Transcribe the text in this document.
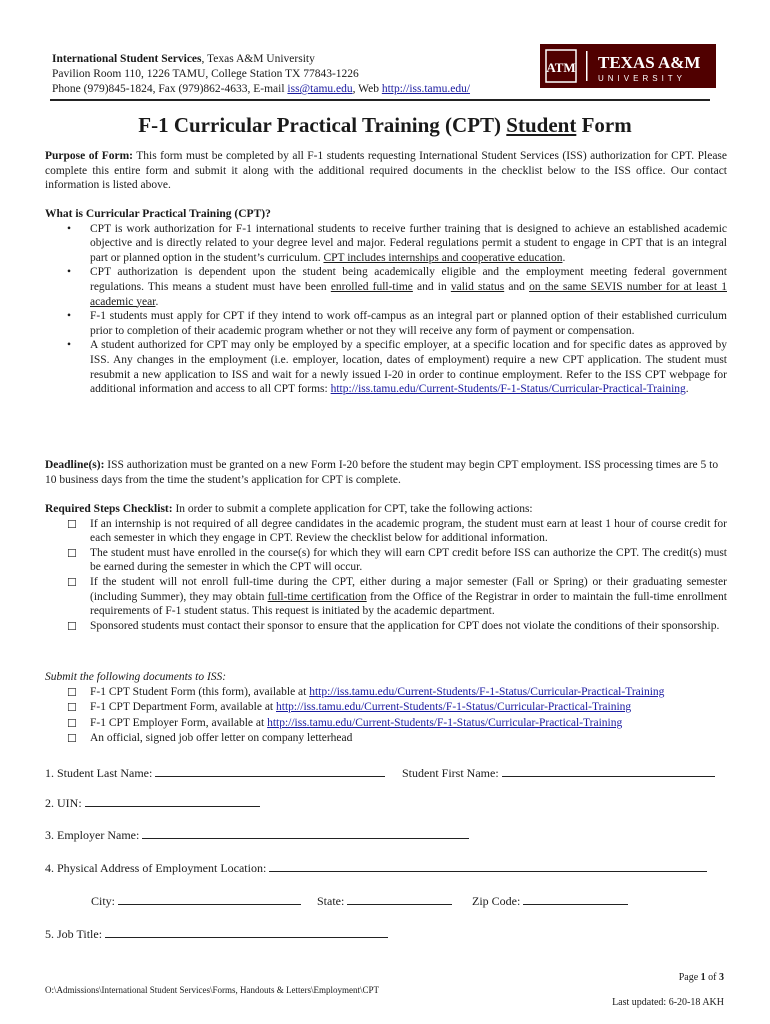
International Student Services, Texas A&M University
Pavilion Room 110, 1226 TAMU, College Station TX 77843-1226
Phone (979)845-1824, Fax (979)862-4633, E-mail iss@tamu.edu, Web http://iss.tamu.edu/
ATM TEXAS A&M
UNIVERSITY
F-1 Curricular Practical Training (CPT) Student Form

Purpose of Form: This form must be completed by all F-1 students requesting International Student Services (ISS) authorization for CPT. Please complete this entire form and submit it along with the additional required documents in the checklist below to the ISS office. Our contact information is listed above.

What is Curricular Practical Training (CPT)?

• CPT is work authorization for F-1 international students to receive further training that is designed to achieve an established academic objective and is directly related to your degree level and major. Federal regulations permit a student to engage in CPT that is an integral part or planned option in the student’s curriculum. CPT includes internships and cooperative education.
• CPT authorization is dependent upon the student being academically eligible and the employment meeting federal government regulations. This means a student must have been enrolled full-time and in valid status and on the same SEVIS number for at least 1 academic year.
• F-1 students must apply for CPT if they intend to work off-campus as an integral part or planned option of their established curriculum prior to completion of their academic program whether or not they will receive any form of payment or compensation.
• A student authorized for CPT may only be employed by a specific employer, at a specific location and for specific dates as approved by ISS. Any changes in the employment (i.e. employer, location, dates of employment) require a new CPT application. The student must resubmit a new application to ISS and wait for a newly issued I-20 in order to continue employment. Refer to the ISS CPT webpage for additional information and access to all CPT forms: http://iss.tamu.edu/Current-Students/F-1-Status/Curricular-Practical-Training.

Deadline(s): ISS authorization must be granted on a new Form I-20 before the student may begin CPT employment. ISS processing times are 5 to 10 business days from the time the student’s application for CPT is complete.

Required Steps Checklist: In order to submit a complete application for CPT, take the following actions:

☐ If an internship is not required of all degree candidates in the academic program, the student must earn at least 1 hour of course credit for each semester in which they engage in CPT. Review the checklist below for additional information.
☐ The student must have enrolled in the course(s) for which they will earn CPT credit before ISS can authorize the CPT. The credit(s) must be earned during the semester in which the CPT will occur.
☐ If the student will not enroll full-time during the CPT, either during a major semester (Fall or Spring) or their graduating semester (including Summer), they may obtain full-time certification from the Office of the Registrar in order to maintain the full-time enrollment requirements of F-1 student status. This request is initiated by the academic department.
☐ Sponsored students must contact their sponsor to ensure that the application for CPT does not violate the conditions of their sponsorship.

Submit the following documents to ISS:

☐ F-1 CPT Student Form (this form), available at http://iss.tamu.edu/Current-Students/F-1-Status/Curricular-Practical-Training
☐ F-1 CPT Department Form, available at http://iss.tamu.edu/Current-Students/F-1-Status/Curricular-Practical-Training
☐ F-1 CPT Employer Form, available at http://iss.tamu.edu/Current-Students/F-1-Status/Curricular-Practical-Training
☐ An official, signed job offer letter on company letterhead
1. Student Last Name:	Student First Name:
2. UIN:
3. Employer Name:
4. Physical Address of Employment Location:
City:	State:	Zip Code:
5. Job Title:
Page 1 of 3
O:\Admissions\International Student Services\Forms, Handouts & Letters\Employment\CPT
Last updated: 6-20-18 AKH
